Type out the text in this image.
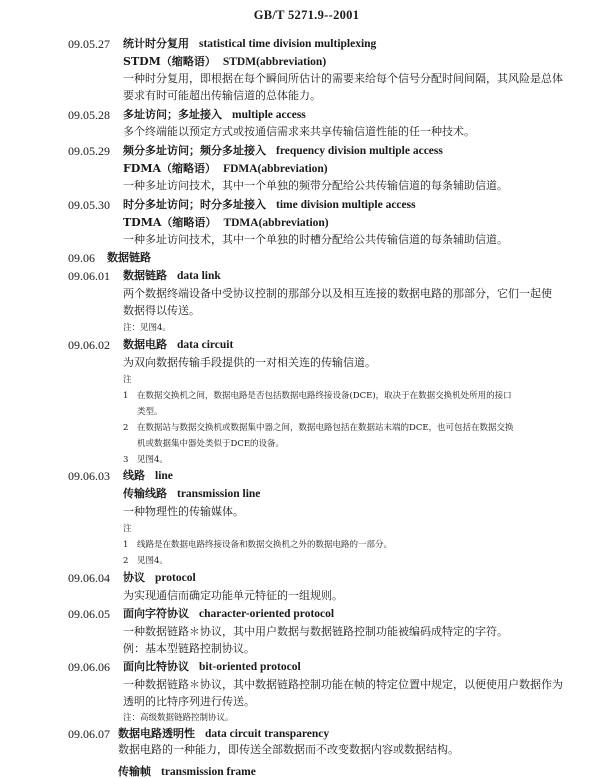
GB/T 5271.9--2001
09.05.27 统计时分复用 statistical time division multiplexing
STDM（缩略语） STDM(abbreviation)
一种时分复用，即根据在每个瞬间所估计的需要来给每个信号分配时间间隔，其风险是总体
要求有时可能超出传输信道的总体能力。
09.05.28 多址访问；多址接入 multiple access
多个终端能以预定方式或按通信需求来共享传输信道性能的任一种技术。
09.05.29 频分多址访问；频分多址接入 frequency division multiple access
FDMA（缩略语） FDMA(abbreviation)
一种多址访问技术，其中一个单独的频带分配给公共传输信道的每条辅助信道。
09.05.30 时分多址访问；时分多址接入 time division multiple access
TDMA（缩略语） TDMA(abbreviation)
一种多址访问技术，其中一个单独的时槽分配给公共传输信道的每条辅助信道。
09.06 数据链路
09.06.01 数据链路 data link
两个数据终端设备中受协议控制的那部分以及相互连接的数据电路的那部分，它们一起使
数据得以传送。
注：见图4。
09.06.02 数据电路 data circuit
为双向数据传输手段提供的一对相关连的传输信道。
注
1 在数据交换机之间，数据电路是否包括数据电路终接设备(DCE)，取决于在数据交换机处所用的接口
类型。
2 在数据站与数据交换机或数据集中器之间，数据电路包括在数据站末端的DCE，也可包括在数据交换
机或数据集中器处类似于DCE的设备。
3 见图4。
09.06.03 线路 line
传输线路 transmission line
一种物理性的传输媒体。
注
1 线路是在数据电路终接设备和数据交换机之外的数据电路的一部分。
2 见图4。
09.06.04 协议 protocol
为实现通信而确定功能单元特征的一组规则。
09.06.05 面向字符协议 character-oriented protocol
一种数据链路＊协议，其中用户数据与数据链路控制功能被编码成特定的字符。
例：基本型链路控制协议。
09.06.06 面向比特协议 bit-oriented protocol
一种数据链路＊协议，其中数据链路控制功能在帧的特定位置中规定，以便使用户数据作为
透明的比特序列进行传送。
注：高级数据链路控制协议。
09.06.07 数据电路透明性 data circuit transparency
数据电路的一种能力，即传送全部数据而不改变数据内容或数据结构。
传输帧 transmission frame
